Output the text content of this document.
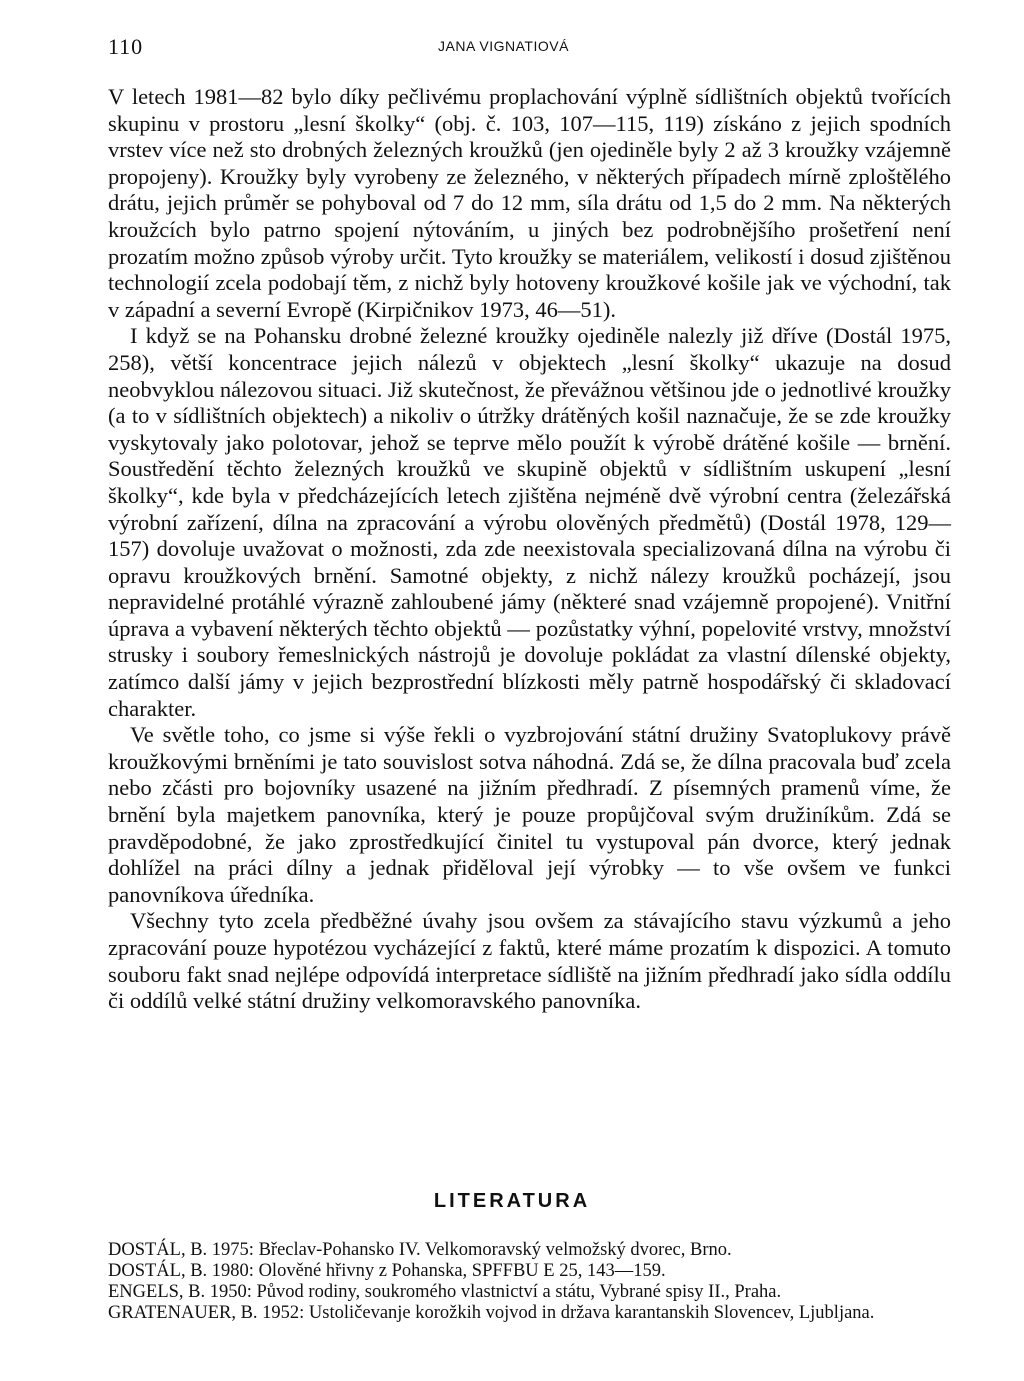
110	JANA VIGNATIOVÁ

V letech 1981—82 bylo díky pečlivému proplachování výplně sídlištních objektů tvořících skupinu v prostoru „lesní školky“ (obj. č. 103, 107—115, 119) získáno z jejich spodních vrstev více než sto drobných železných kroužků (jen ojediněle byly 2 až 3 kroužky vzájemně propojeny). Kroužky byly vyrobeny ze železného, v některých případech mírně zploštělého drátu, jejich průměr se pohyboval od 7 do 12 mm, síla drátu od 1,5 do 2 mm. Na některých kroužcích bylo patrno spojení nýtováním, u jiných bez podrobnějšího prošetření není prozatím možno způsob výroby určit. Tyto kroužky se materiálem, velikostí i dosud zjištěnou technologií zcela podobají těm, z nichž byly hotoveny kroužkové košile jak ve východní, tak v západní a severní Evropě (Kirpičnikov 1973, 46—51).

I když se na Pohansku drobné železné kroužky ojediněle nalezly již dříve (Dostál 1975, 258), větší koncentrace jejich nálezů v objektech „lesní školky“ ukazuje na dosud neobvyklou nálezovou situaci. Již skutečnost, že převážnou většinou jde o jednotlivé kroužky (a to v sídlištních objektech) a nikoliv o útržky drátěných košil naznačuje, že se zde kroužky vyskytovaly jako polotovar, jehož se teprve mělo použít k výrobě drátěné košile — brnění. Soustředění těchto železných kroužků ve skupině objektů v sídlištním uskupení „lesní školky“, kde byla v předcházejících letech zjištěna nejméně dvě výrobní centra (železářská výrobní zařízení, dílna na zpracování a výrobu olověných předmětů) (Dostál 1978, 129—157) dovoluje uvažovat o možnosti, zda zde neexistovala specializovaná dílna na výrobu či opravu kroužkových brnění. Samotné objekty, z nichž nálezy kroužků pocházejí, jsou nepravidelné protáhlé výrazně zahloubené jámy (některé snad vzájemně propojené). Vnitřní úprava a vybavení některých těchto objektů — pozůstatky výhní, popelovité vrstvy, množství strusky i soubory řemeslnických nástrojů je dovoluje pokládat za vlastní dílenské objekty, zatímco další jámy v jejich bezprostřední blízkosti měly patrně hospodářský či skladovací charakter.

Ve světle toho, co jsme si výše řekli o vyzbrojování státní družiny Svatoplukovy právě kroužkovými brněními je tato souvislost sotva náhodná. Zdá se, že dílna pracovala buď zcela nebo zčásti pro bojovníky usazené na jižním předhradí. Z písemných pramenů víme, že brnění byla majetkem panovníka, který je pouze propůjčoval svým družiníkům. Zdá se pravděpodobné, že jako zprostředkující činitel tu vystupoval pán dvorce, který jednak dohlížel na práci dílny a jednak přiděloval její výrobky — to vše ovšem ve funkci panovníkova úředníka.

Všechny tyto zcela předběžné úvahy jsou ovšem za stávajícího stavu výzkumů a jeho zpracování pouze hypotézou vycházející z faktů, které máme prozatím k dispozici. A tomuto souboru fakt snad nejlépe odpovídá interpretace sídliště na jižním předhradí jako sídla oddílu či oddílů velké státní družiny velkomoravského panovníka.

LITERATURA
DOSTÁL, B. 1975: Břeclav-Pohansko IV. Velkomoravský velmožský dvorec, Brno.
DOSTÁL, B. 1980: Olověné hřivny z Pohanska, SPFFBU E 25, 143—159.
ENGELS, B. 1950: Původ rodiny, soukromého vlastnictví a státu, Vybrané spisy II., Praha.
GRATENAUER, B. 1952: Ustoličevanje korožkih vojvod in država karantanskih Slovencev, Ljubljana.
